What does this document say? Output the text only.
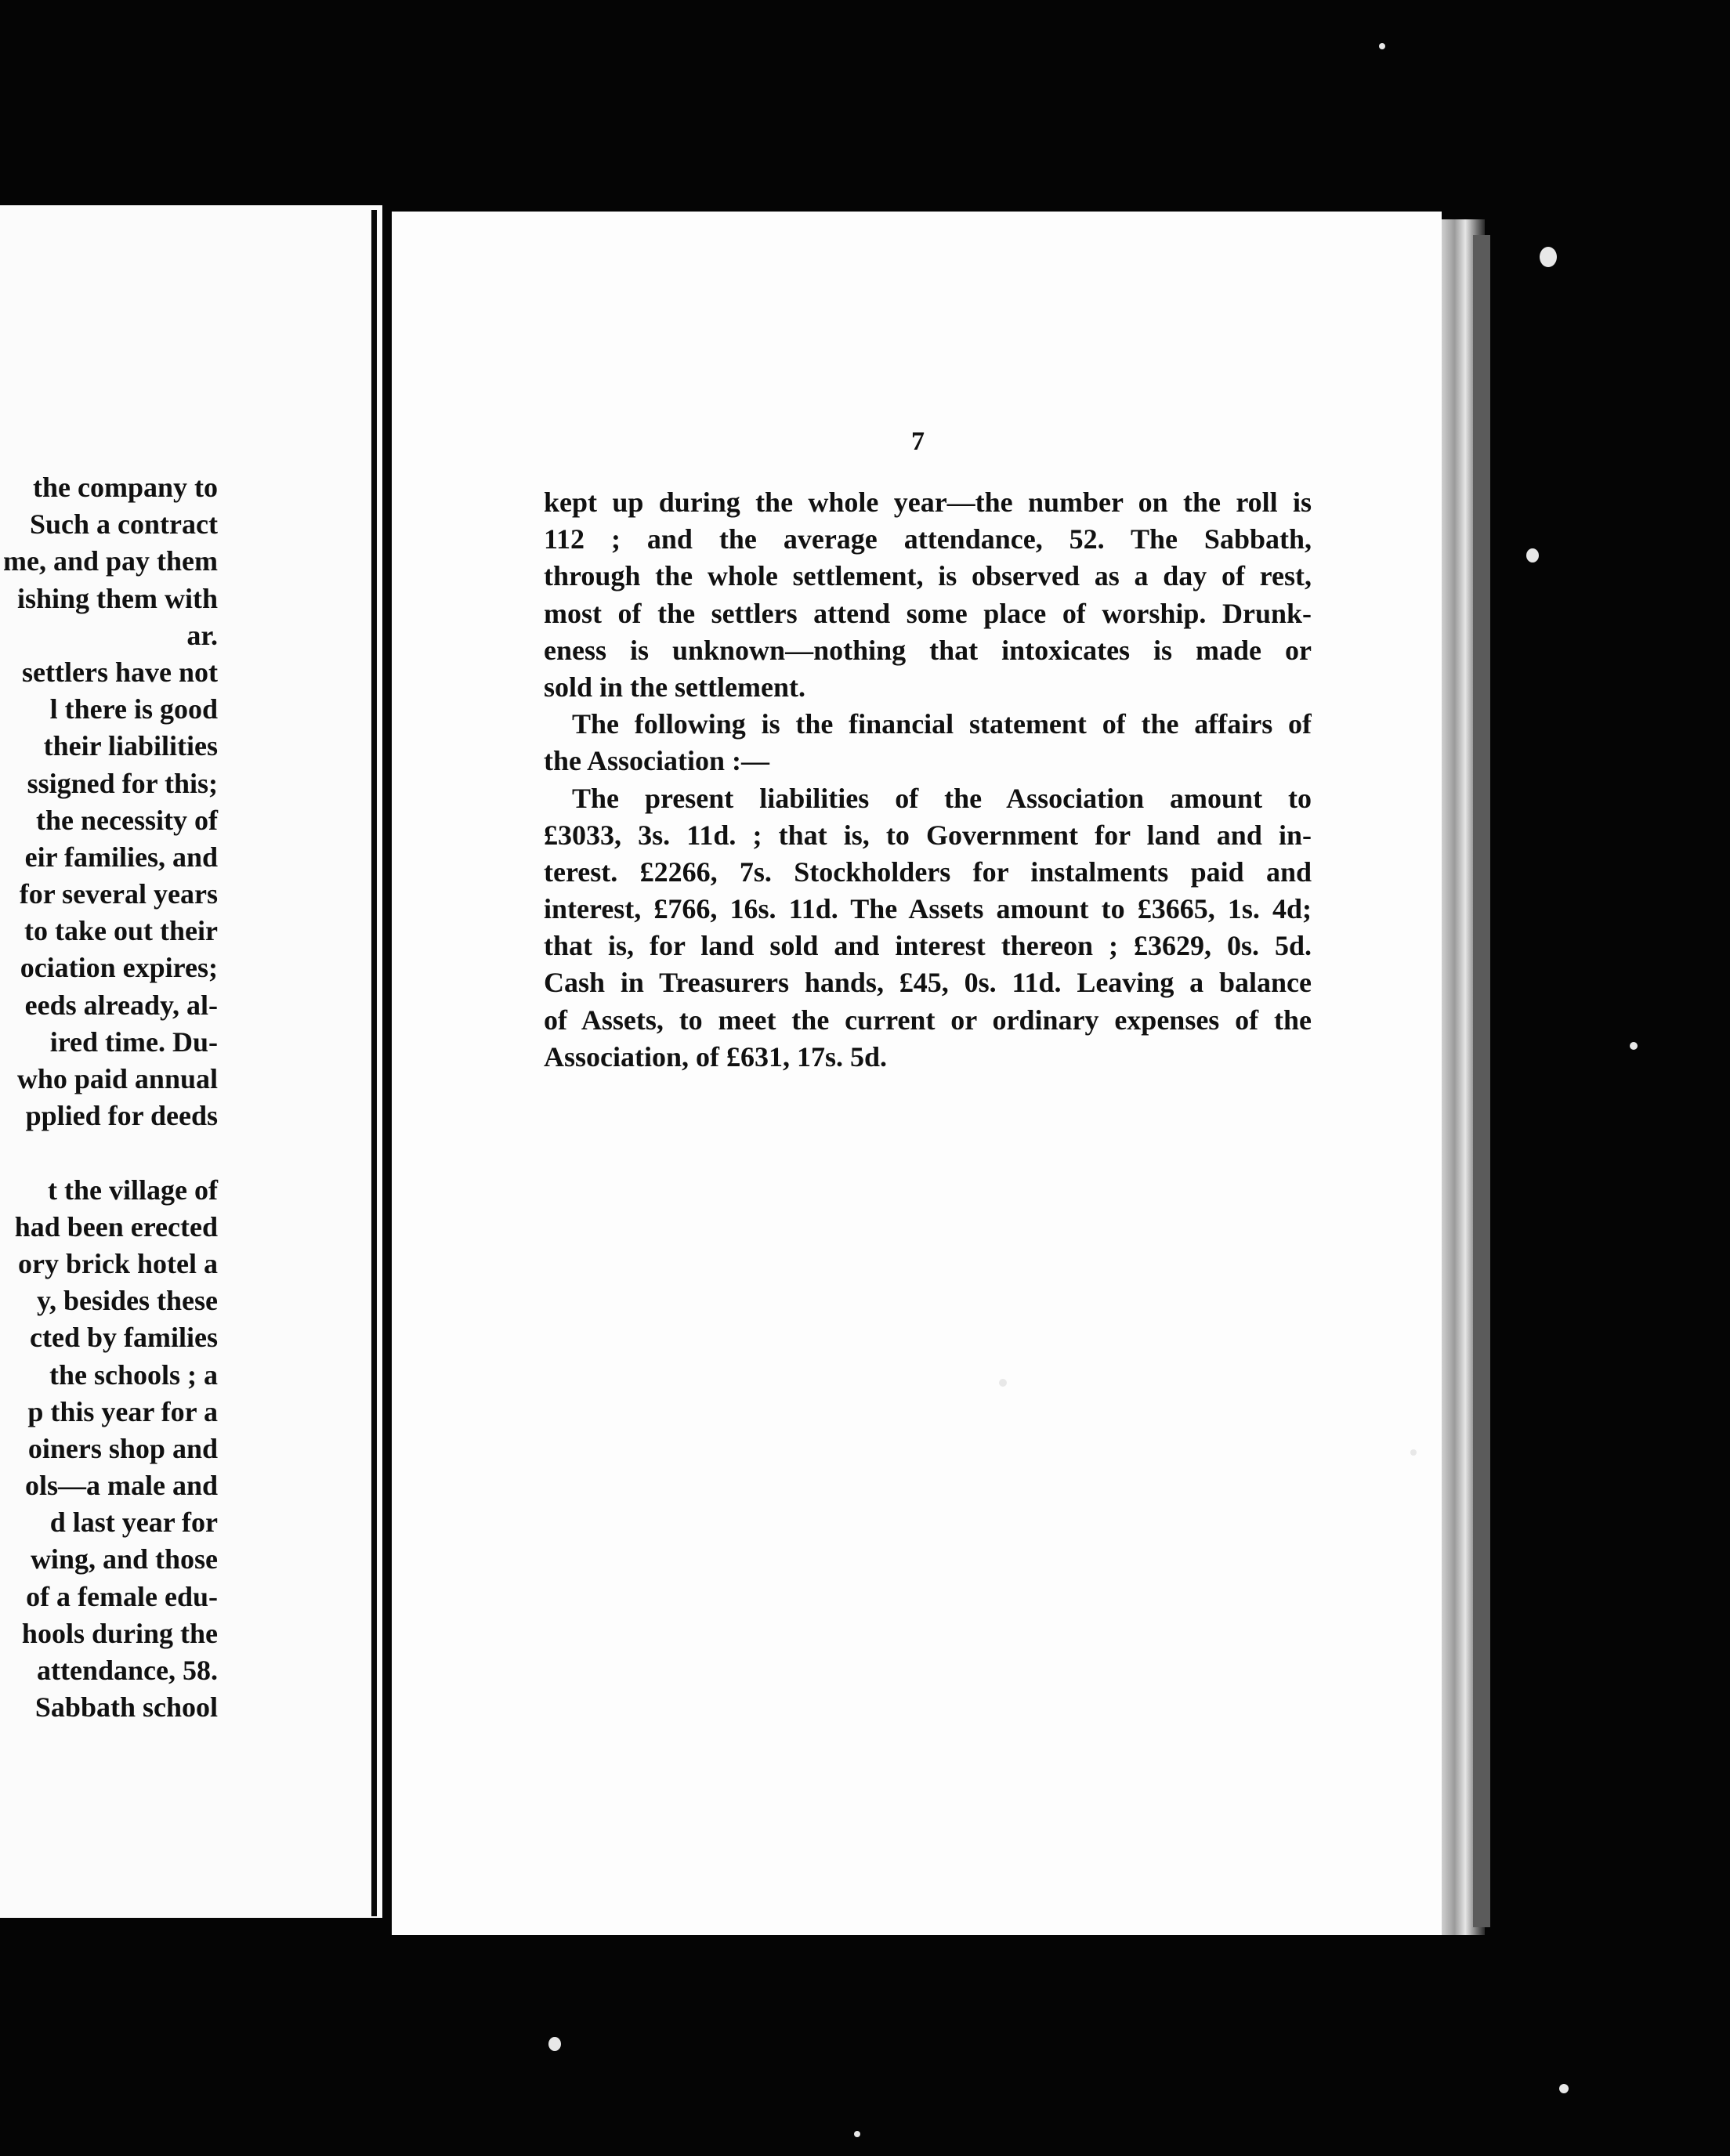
the company to
Such a contract
me, and pay them
ishing them with
ar.
settlers have not
l there is good
their liabilities
ssigned for this;
the necessity of
eir families, and
for several years
to take out their
ociation expires;
eeds already, al-
ired time. Du-
who paid annual
pplied for deeds
t the village of
had been erected
ory brick hotel a
y, besides these
cted by families
the schools ; a
p this year for a
oiners shop and
ols—a male and
d last year for
wing, and those
of a female edu-
hools during the
attendance, 58.
Sabbath school
7
kept up during the whole year—the number on the roll is
112 ; and the average attendance, 52. The Sabbath,
through the whole settlement, is observed as a day of rest,
most of the settlers attend some place of worship. Drunk-
eness is unknown—nothing that intoxicates is made or
sold in the settlement.
The following is the financial statement of the affairs of
the Association :—
The present liabilities of the Association amount to
£3033, 3s. 11d. ; that is, to Government for land and in-
terest. £2266, 7s. Stockholders for instalments paid and
interest, £766, 16s. 11d. The Assets amount to £3665, 1s. 4d;
that is, for land sold and interest thereon ; £3629, 0s. 5d.
Cash in Treasurers hands, £45, 0s. 11d. Leaving a balance
of Assets, to meet the current or ordinary expenses of the
Association, of £631, 17s. 5d.
